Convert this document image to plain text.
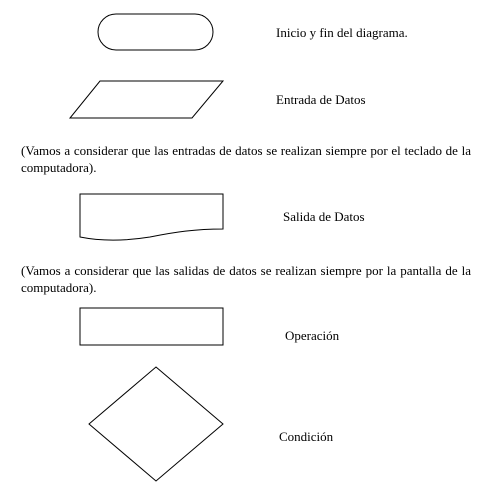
Inicio y fin del diagrama.

Entrada de Datos

(Vamos a considerar que las entradas de datos se realizan siempre por el teclado de la computadora).

Salida de Datos

(Vamos a considerar que las salidas de datos se realizan siempre por la pantalla de la computadora).

Operación

Condición
